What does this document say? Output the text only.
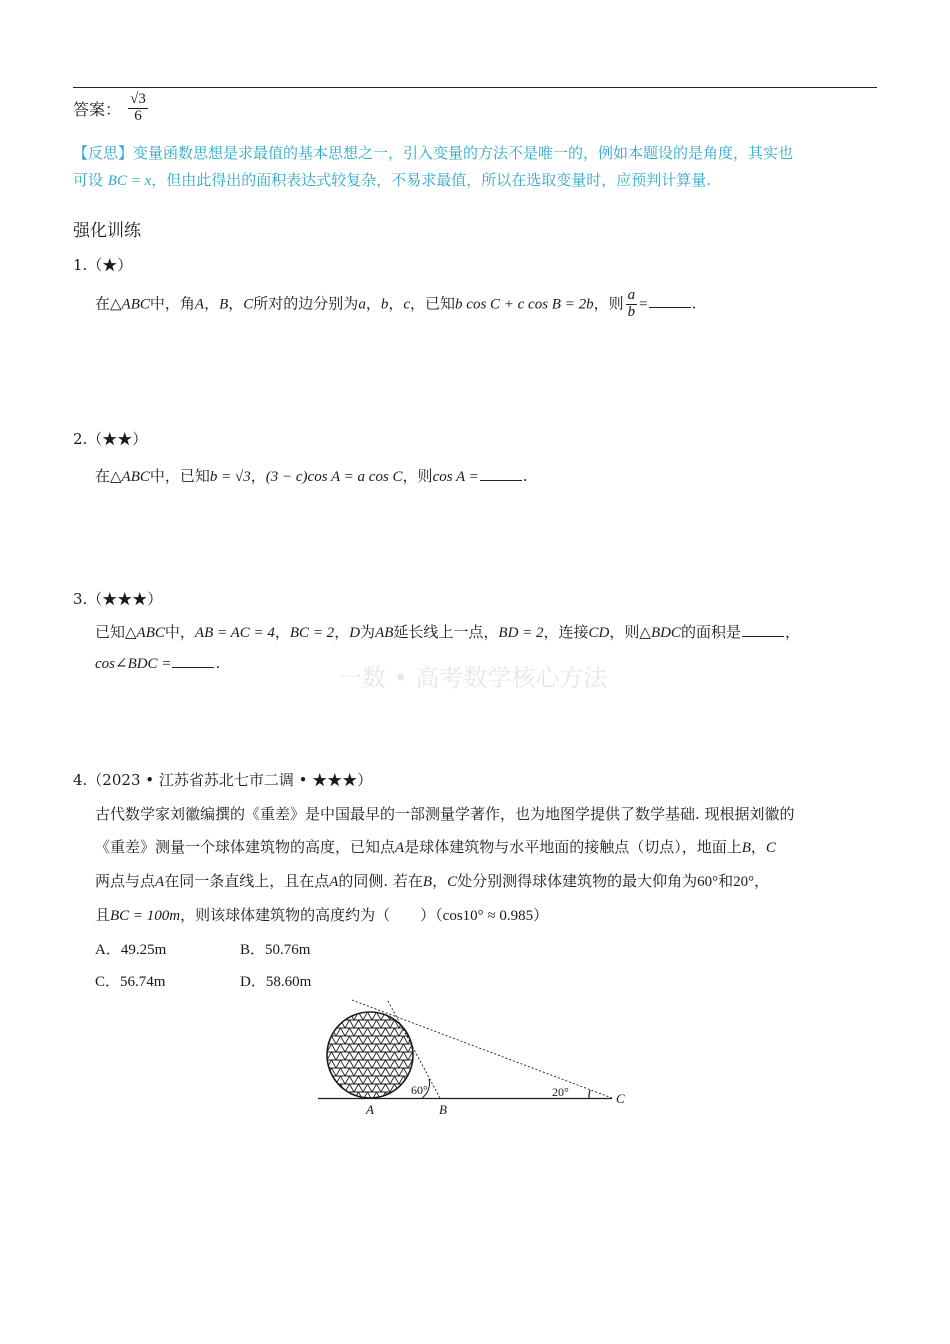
答案： $\frac{√3}{6}$
【反思】变量函数思想是求最值的基本思想之一，引入变量的方法不是唯一的，例如本题设的是角度，其实也
可设 BC = x，但由此得出的面积表达式较复杂，不易求最值，所以在选取变量时，应预判计算量.
强化训练
1.（★）
在△ABC中，角A，B，C所对的边分别为a，b，c，已知b cos C + c cos B = 2b，则 $\frac{a}{b}$ =	.
2.（★★）
在△ABC中，已知b = √3，(3 − c)cos A = a cos C，则cos A =	.
3.（★★★）
已知△ABC中，AB = AC = 4，BC = 2，D为AB延长线上一点，BD = 2，连接CD，则△BDC的面积是	，
cos∠BDC =	.
一数 • 高考数学核心方法
4.（2023 • 江苏省苏北七市二调 • ★★★）
古代数学家刘徽编撰的《重差》是中国最早的一部测量学著作，也为地图学提供了数学基础. 现根据刘徽的
《重差》测量一个球体建筑物的高度，已知点A是球体建筑物与水平地面的接触点（切点），地面上B，C
两点与点A在同一条直线上，且在点A的同侧. 若在B，C处分别测得球体建筑物的最大仰角为60°和20°，
且BC = 100m，则该球体建筑物的高度约为（　　）（cos10° ≈ 0.985）
A．49.25m	B．50.76m
C．56.74m	D．58.60m
A	B
C
60°	20°
